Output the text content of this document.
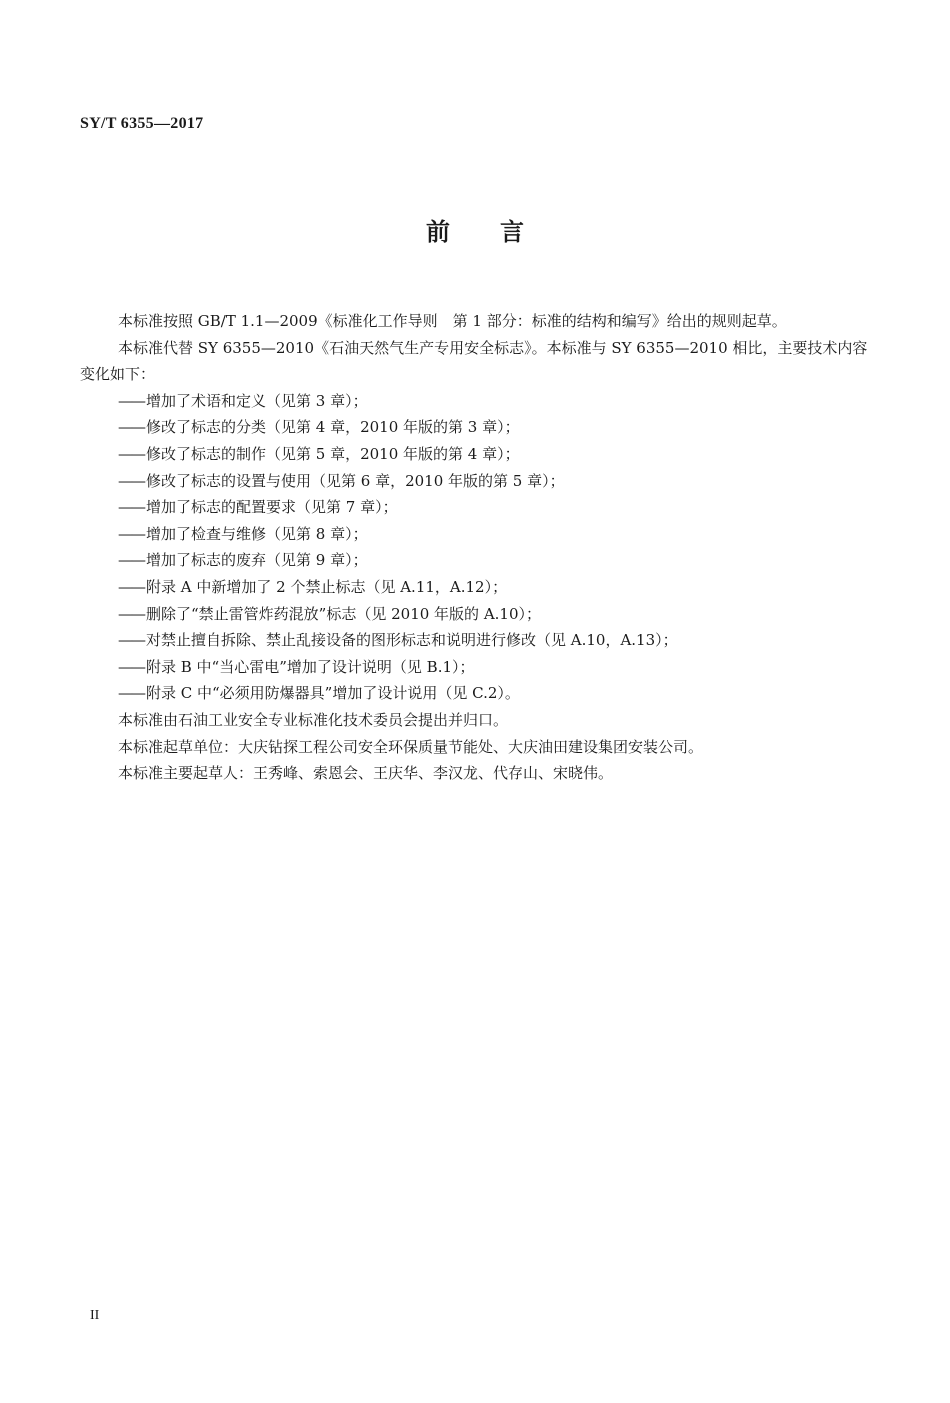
SY/T 6355—2017
前言

本标准按照 GB/T 1.1—2009《标准化工作导则　第 1 部分：标准的结构和编写》给出的规则起草。

本标准代替 SY 6355—2010《石油天然气生产专用安全标志》。本标准与 SY 6355—2010 相比，主要技术内容变化如下：

—— 增加了术语和定义（见第 3 章）；

—— 修改了标志的分类（见第 4 章，2010 年版的第 3 章）；

—— 修改了标志的制作（见第 5 章，2010 年版的第 4 章）；

—— 修改了标志的设置与使用（见第 6 章，2010 年版的第 5 章）；

—— 增加了标志的配置要求（见第 7 章）；

—— 增加了检查与维修（见第 8 章）；

—— 增加了标志的废弃（见第 9 章）；

—— 附录 A 中新增加了 2 个禁止标志（见 A.11，A.12）；

—— 删除了“禁止雷管炸药混放”标志（见 2010 年版的 A.10）；

—— 对禁止擅自拆除、禁止乱接设备的图形标志和说明进行修改（见 A.10，A.13）；

—— 附录 B 中“当心雷电”增加了设计说明（见 B.1）；

—— 附录 C 中“必须用防爆器具”增加了设计说用（见 C.2）。

本标准由石油工业安全专业标准化技术委员会提出并归口。

本标准起草单位：大庆钻探工程公司安全环保质量节能处、大庆油田建设集团安装公司。

本标准主要起草人：王秀峰、索恩会、王庆华、李汉龙、代存山、宋晓伟。

II
